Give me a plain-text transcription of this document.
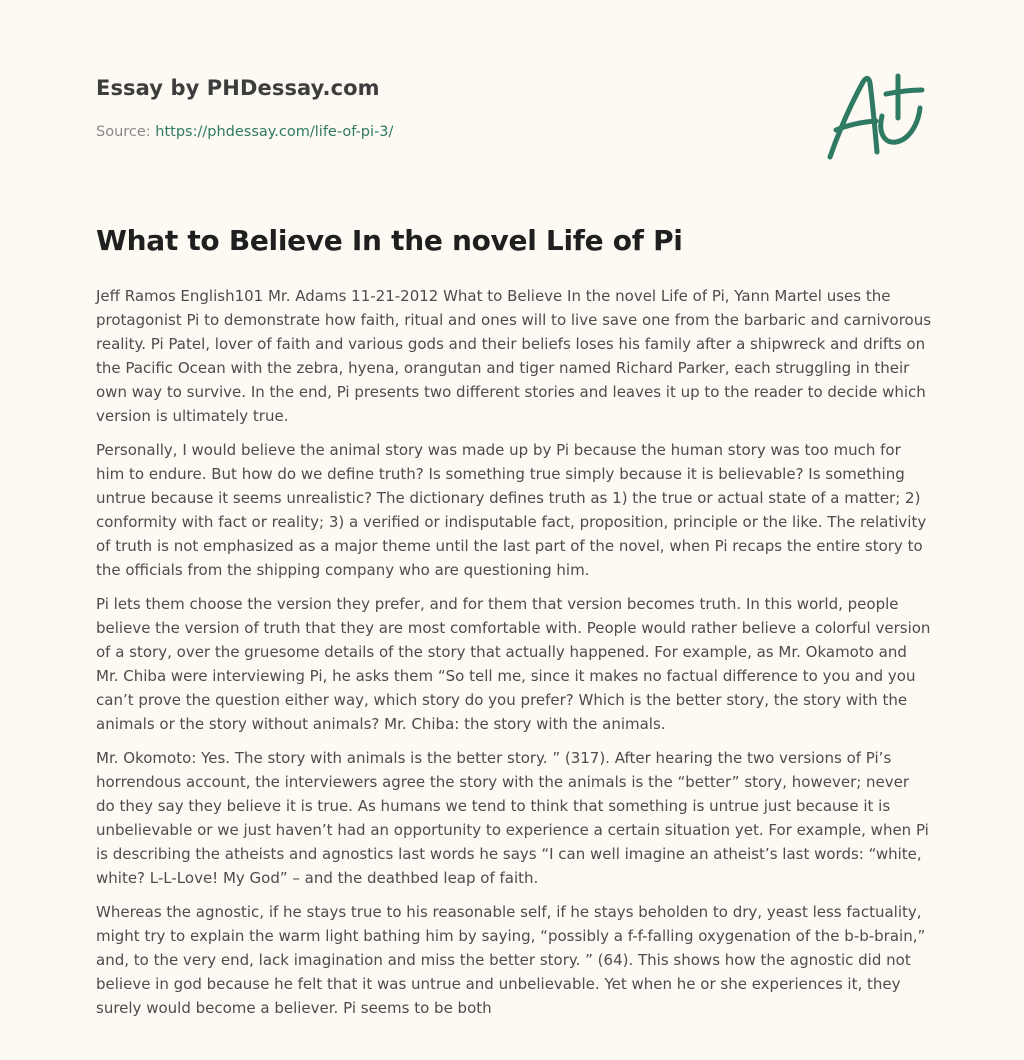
Essay by PHDessay.com
Source: https://phdessay.com/life-of-pi-3/
What to Believe In the novel Life of Pi

Jeff Ramos English101 Mr. Adams 11-21-2012 What to Believe In the novel Life of Pi, Yann Martel uses the protagonist Pi to demonstrate how faith, ritual and ones will to live save one from the barbaric and carnivorous reality. Pi Patel, lover of faith and various gods and their beliefs loses his family after a shipwreck and drifts on the Pacific Ocean with the zebra, hyena, orangutan and tiger named Richard Parker, each struggling in their own way to survive. In the end, Pi presents two different stories and leaves it up to the reader to decide which version is ultimately true.

Personally, I would believe the animal story was made up by Pi because the human story was too much for him to endure. But how do we define truth? Is something true simply because it is believable? Is something untrue because it seems unrealistic? The dictionary defines truth as 1) the true or actual state of a matter; 2) conformity with fact or reality; 3) a verified or indisputable fact, proposition, principle or the like. The relativity of truth is not emphasized as a major theme until the last part of the novel, when Pi recaps the entire story to the officials from the shipping company who are questioning him.

Pi lets them choose the version they prefer, and for them that version becomes truth. In this world, people believe the version of truth that they are most comfortable with. People would rather believe a colorful version of a story, over the gruesome details of the story that actually happened. For example, as Mr. Okamoto and Mr. Chiba were interviewing Pi, he asks them “So tell me, since it makes no factual difference to you and you can’t prove the question either way, which story do you prefer? Which is the better story, the story with the animals or the story without animals? Mr. Chiba: the story with the animals.

Mr. Okomoto: Yes. The story with animals is the better story. ” (317). After hearing the two versions of Pi’s horrendous account, the interviewers agree the story with the animals is the “better” story, however; never do they say they believe it is true. As humans we tend to think that something is untrue just because it is unbelievable or we just haven’t had an opportunity to experience a certain situation yet. For example, when Pi is describing the atheists and agnostics last words he says “I can well imagine an atheist’s last words: “white, white? L-L-Love! My God” – and the deathbed leap of faith.

Whereas the agnostic, if he stays true to his reasonable self, if he stays beholden to dry, yeast less factuality, might try to explain the warm light bathing him by saying, “possibly a f-f-falling oxygenation of the b-b-brain,” and, to the very end, lack imagination and miss the better story. ” (64). This shows how the agnostic did not believe in god because he felt that it was untrue and unbelievable. Yet when he or she experiences it, they surely would become a believer. Pi seems to be both
